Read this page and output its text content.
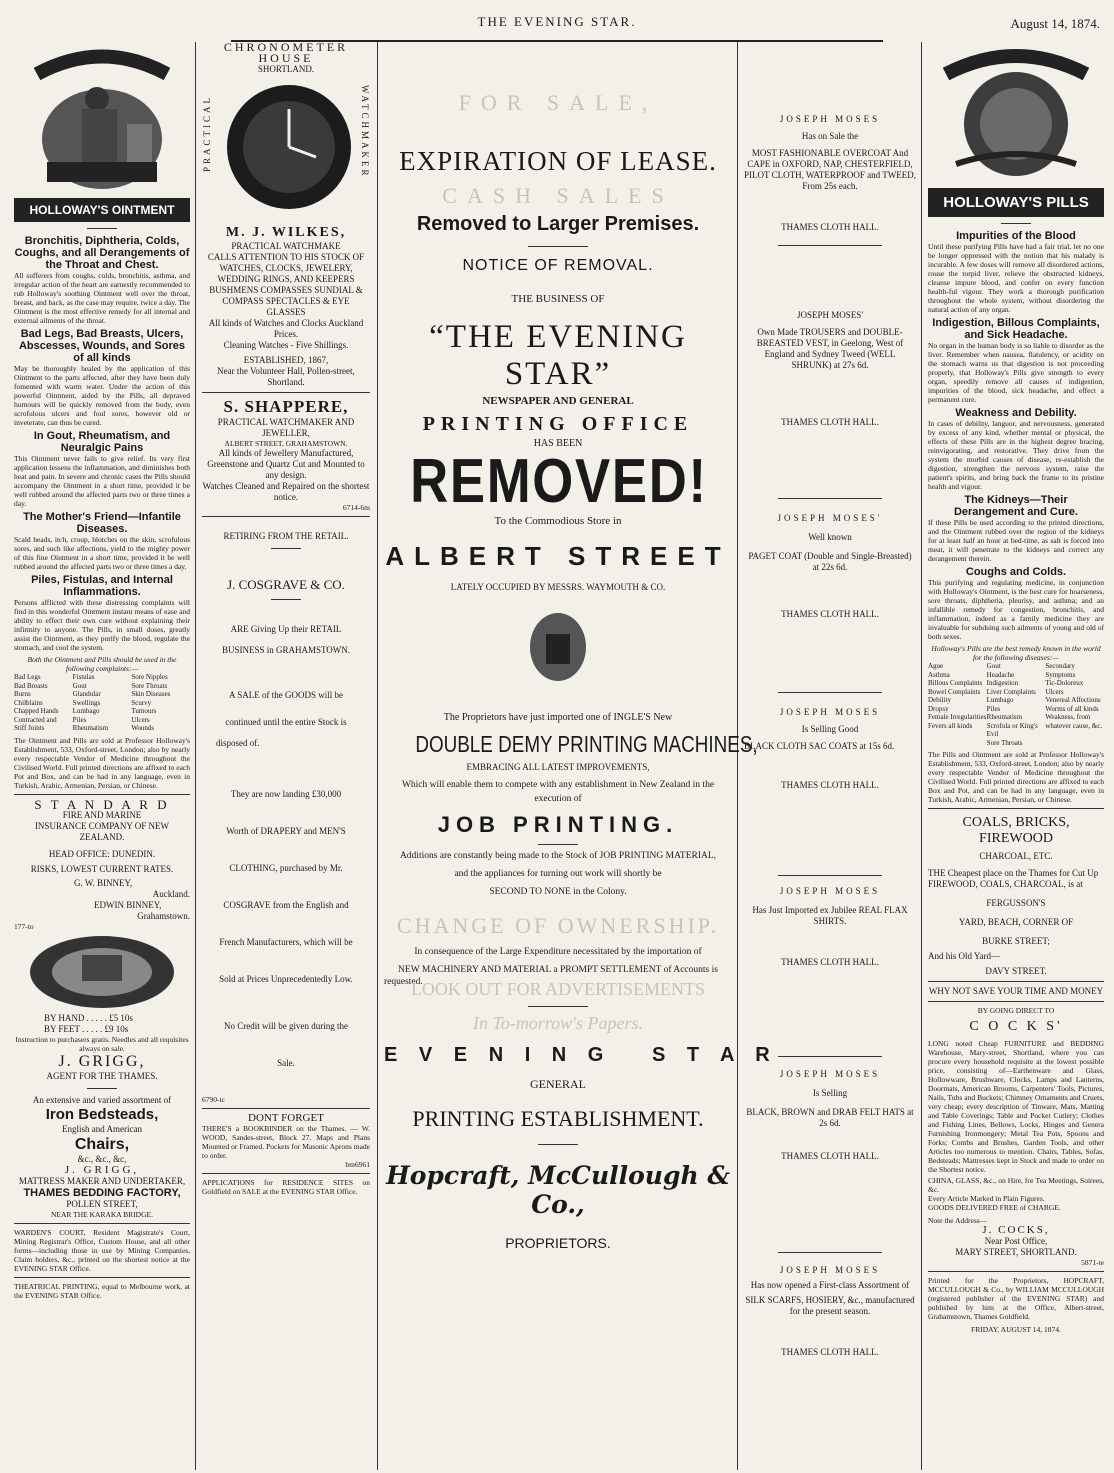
THE EVENING STAR.	August 14, 1874.
HOLLOWAY'S OINTMENT
Bronchitis, Diphtheria, Colds, Coughs, and all Derangements of the Throat and Chest.
All sufferers from coughs, colds, bronchitis, asthma, and irregular action of the heart are earnestly recommended to rub Holloway's soothing Ointment well over the throat, breast, and back, as the case may require, twice a day. The Ointment is the most effective remedy for all internal and external ailments of the throat.
Bad Legs, Bad Breasts, Ulcers, Abscesses, Wounds, and Sores of all kinds
May be thoroughly healed by the application of this Ointment to the parts affected, after they have been duly fomented with warm water. Under the action of this powerful Ointment, aided by the Pills, all depraved humours will be quickly removed from the body, even scrofulous ulcers and foul sores, however old or inveterate, can thus be cured.
In Gout, Rheumatism, and Neuralgic Pains
This Ointment never fails to give relief. Its very first application lessens the inflammation, and diminishes both heat and pain. In severe and chronic cases the Pills should accompany the Ointment in a short time, provided it be well rubbed around the affected parts two or three times a day.
The Mother's Friend—Infantile Diseases.
Scald heads, itch, croup, blotches on the skin, scrofulous sores, and such like affections, yield to the mighty power of this fine Ointment in a short time, provided it be well rubbed around the affected parts two or three times a day.
Piles, Fistulas, and Internal Inflammations.
Persons afflicted with these distressing complaints will find in this wonderful Ointment instant means of ease and ability to effect their own cure without explaining their infirmity to anyone. The Pills, in small doses, greatly assist the Ointment, as they purify the blood, regulate the stomach, and cool the system.
Both the Ointment and Pills should be used in the following complaints:—
Bad Legs
Bad Breasts
Burns
Chilblains
Chapped Hands
Contracted and
Stiff Joints
Fistulas
Gout
Glandular
Swellings
Lumbago
Piles
Rheumatism
Sore Nipples
Sore Throats
Skin Diseases
Scurvy
Tumours
Ulcers
Wounds
The Ointment and Pills are sold at Professor Holloway's Establishment, 533, Oxford-street, London; also by nearly every respectable Vendor of Medicine throughout the Civilised World. Full printed directions are affixed to each Pot and Box, and can be had in any language, even in Turkish, Arabic, Armenian, Persian, or Chinese.
S T A N D A R D
FIRE AND MARINE
INSURANCE COMPANY OF NEW
ZEALAND.
HEAD OFFICE: DUNEDIN.
RISKS, LOWEST CURRENT RATES.
G. W. BINNEY,
Auckland.
EDWIN BINNEY,
Grahamstown.
177-to
BY HAND . . . . . £5 10s
BY FEET . . . . . £9 10s
Instruction to purchasers gratis. Needles and all requisites always on sale.
J. GRIGG,
AGENT FOR THE THAMES.
An extensive and varied assortment of
Iron Bedsteads,
English and American
Chairs,
&c., &c., &c,
J. GRIGG,
MATTRESS MAKER AND UNDERTAKER,
THAMES BEDDING FACTORY,
POLLEN STREET,
NEAR THE KARAKA BRIDGE.
WARDEN'S COURT, Resident Magistrate's Court, Mining Registrar's Office, Custom House, and all other forms—including those in use by Mining Companies, Claim holders, &c., printed on the shortest notice at the EVENING STAR Office.
THEATRICAL PRINTING, equal to Melbourne work, at the EVENING STAR Office.
CHRONOMETER HOUSE
SHORTLAND.
PRACTICAL	WATCHMAKER
M. J. WILKES,
PRACTICAL WATCHMAKE
CALLS ATTENTION TO HIS STOCK OF WATCHES, CLOCKS, JEWELERY, WEDDING RINGS, AND KEEPERS
BUSHMENS COMPASSES SUNDIAL & COMPASS SPECTACLES & EYE GLASSES
All kinds of Watches and Clocks Auckland Prices.
Cleaning Watches - Five Shillings.
ESTABLISHED, 1867,
Near the Volunteer Hall, Pollen-street, Shortland.
S. SHAPPERE,
PRACTICAL WATCHMAKER AND JEWELLER,
ALBERT STREET, GRAHAMSTOWN.
All kinds of Jewellery Manufactured, Greenstone and Quartz Cut and Mounted to any design.
Watches Cleaned and Repaired on the shortest notice.
6714-6m
RETIRING FROM THE RETAIL.
J. COSGRAVE & CO.
ARE Giving Up their RETAIL
BUSINESS in GRAHAMSTOWN.
A SALE of the GOODS will be
continued until the entire Stock is
disposed of.
They are now landing £30,000
Worth of DRAPERY and MEN'S
CLOTHING, purchased by Mr.
COSGRAVE from the English and
French Manufacturers, which will be
Sold at Prices Unprecedentedly Low.
No Credit will be given during the
Sale.
6790-tc
DONT FORGET
THERE'S a BOOKBINDER on the Thames. — W. WOOD, Sandes-street, Block 27. Maps and Plans Mounted or Framed. Pockets for Masonic Aprons made to order.
bm6961
APPLICATIONS for RESIDENCE SITES on Goldfield on SALE at the EVENING STAR Office.
FOR SALE,
EXPIRATION OF LEASE.
CASH SALES
Removed to Larger Premises.
NOTICE OF REMOVAL.
THE BUSINESS OF
“THE EVENING STAR”
NEWSPAPER AND GENERAL
PRINTING OFFICE
HAS BEEN
REMOVED!
To the Commodious Store in
ALBERT STREET
LATELY OCCUPIED BY MESSRS. WAYMOUTH & CO.
The Proprietors have just imported one of INGLE'S New
DOUBLE DEMY PRINTING MACHINES,
EMBRACING ALL LATEST IMPROVEMENTS,
Which will enable them to compete with any establishment in New Zealand in the
execution of
JOB PRINTING.
Additions are constantly being made to the Stock of JOB PRINTING MATERIAL,
and the appliances for turning out work will shortly be
SECOND TO NONE in the Colony.
CHANGE OF OWNERSHIP.
In consequence of the Large Expenditure necessitated by the importation of
NEW MACHINERY AND MATERIAL a PROMPT SETTLEMENT of Accounts is
requested.
LOOK OUT FOR ADVERTISEMENTS
In To-morrow's Papers.
E V E N I N G   S T A R
GENERAL
PRINTING ESTABLISHMENT.
Hopcraft, McCullough & Co.,
PROPRIETORS.
JOSEPH MOSES
Has on Sale the
MOST FASHIONABLE OVERCOAT And CAPE in OXFORD, NAP, CHESTERFIELD, PILOT CLOTH, WATERPROOF and TWEED, From 25s each.
THAMES CLOTH HALL.
JOSEPH MOSES'
Own Made TROUSERS and DOUBLE-BREASTED VEST, in Geelong, West of England and Sydney Tweed (WELL SHRUNK) at 27s 6d.
THAMES CLOTH HALL.
JOSEPH MOSES'
Well known
PAGET COAT (Double and Single-Breasted) at 22s 6d.
THAMES CLOTH HALL.
JOSEPH MOSES
Is Selling Good
BLACK CLOTH SAC COATS at 15s 6d.
THAMES CLOTH HALL.
JOSEPH MOSES
Has Just Imported ex Jubilee REAL FLAX SHIRTS.
THAMES CLOTH HALL.
JOSEPH MOSES
Is Selling
BLACK, BROWN and DRAB FELT HATS at 2s 6d.
THAMES CLOTH HALL.
JOSEPH MOSES
Has now opened a First-class Assortment of
SILK SCARFS, HOSIERY, &c., manufactured for the present season.
THAMES CLOTH HALL.
HOLLOWAY'S PILLS
Impurities of the Blood
Until these purifying Pills have had a fair trial, let no one be longer oppressed with the notion that his malady is incurable. A few doses will remove all disordered actions, rouse the torpid liver, relieve the obstructed kidneys, cleanse impure blood, and confer on every function health-ful vigour. They work a thorough purification throughout the whole system, without disordering the natural action of any organ.
Indigestion, Billous Complaints, and Sick Headache.
No organ in the human body is so liable to disorder as the liver. Remember when nausea, flatulency, or acidity on the stomach warns us that digestion is not proceeding properly, that Holloway's Pills give strength to every organ, speedily remove all causes of indigestion, impurities of the blood, sick headache, and effect a permanent cure.
Weakness and Debility.
In cases of debility, languor, and nervousness, generated by excess of any kind, whether mental or physical, the effects of these Pills are in the highest degree bracing, reinvigorating, and restorative. They drive from the system the morbid causes of disease, re-establish the digestion, strengthen the nervous system, raise the patient's spirits, and bring back the frame to its pristine health and vigour.
The Kidneys—Their Derangement and Cure.
If these Pills be used according to the printed directions, and the Ointment rubbed over the region of the kidneys for at least half an hour at bed-time, as salt is forced into meat, it will penetrate to the kidneys and correct any derangement therein.
Coughs and Colds.
This purifying and regulating medicine, in conjunction with Holloway's Ointment, is the best cure for hoarseness, sore throats, diphtheria, pleurisy, and asthma; and an infallible remedy for congestion, bronchitis, and inflammation, indeed as a family medicine they are invaluable for subduing such ailments of young and old of both sexes.
Holloway's Pills are the best remedy known in the world for the following diseases:—
Ague
Asthma
Billous Complaints
Bowel Complaints
Debility
Dropsy
Female Irregularities
Fevers all kinds
Gout
Headache
Indigestion
Liver Complaints
Lumbago
Piles
Rheumatism
Scrofula or King's Evil
Sore Throats
Secondary Symptoms
Tic-Doloreux
Ulcers
Venereal Affections
Worms of all kinds
Weakness, from whatever cause, &c.
The Pills and Ointment are sold at Professor Holloway's Establishment, 533, Oxford-street, London; also by nearly every respectable Vendor of Medicine throughout the Civilised World. Full printed directions are affixed to each Box and Pot, and can be had in any language, even in Turkish, Arabic, Armenian, Persian, or Chinese.
COALS, BRICKS, FIREWOOD
CHARCOAL, ETC.
THE Cheapest place on the Thames for Cut Up FIREWOOD, COALS, CHARCOAL, is at
FERGUSSON'S
YARD, BEACH, CORNER OF
BURKE STREET;
And his Old Yard—
DAVY STREET.
WHY NOT SAVE YOUR TIME AND MONEY
BY GOING DIRECT TO
C O C K S'
LONG noted Cheap FURNITURE and BEDDING Warehouse, Mary-street, Shortland, where you can procure every household requisite at the lowest possible price, consisting of—Earthenware and Glass, Hollowware, Brushware, Clocks, Lamps and Lanterns, Doormats, American Brooms, Carpenters' Tools, Pictures, Nails, Tubs and Buckets; Chimney Ornaments and Cruets, very cheap; every description of Tinware, Mats, Matting and Table Coverings; Table and Pocket Cutlery; Clothes and Fishing Lines, Bellows, Locks, Hinges and Genera Furnishing Ironmongery; Metal Tea Pots, Spoons and Forks; Combs and Brushes, Garden Tools, and other Articles too numerous to mention. Chairs, Tables, Sofas, Bedsteads; Mattresses kept in Stock and made to order on the Shortest notice.
CHINA, GLASS, &c., on Hire, for Tea Meetings, Soirees, &c.
Every Article Marked in Plain Figures.
GOODS DELIVERED FREE of CHARGE.
Note the Address—
J. COCKS,
Near Post Office,
MARY STREET, SHORTLAND.
5871-te
Printed for the Proprietors, HOPCRAFT, MCCULLOUGH & Co., by WILLIAM MCCULLOUGH (registered publisher of the EVENING STAR) and published by him at the Office, Albert-street, Grahamstown, Thames Goldfield.
FRIDAY, AUGUST 14, 1874.
